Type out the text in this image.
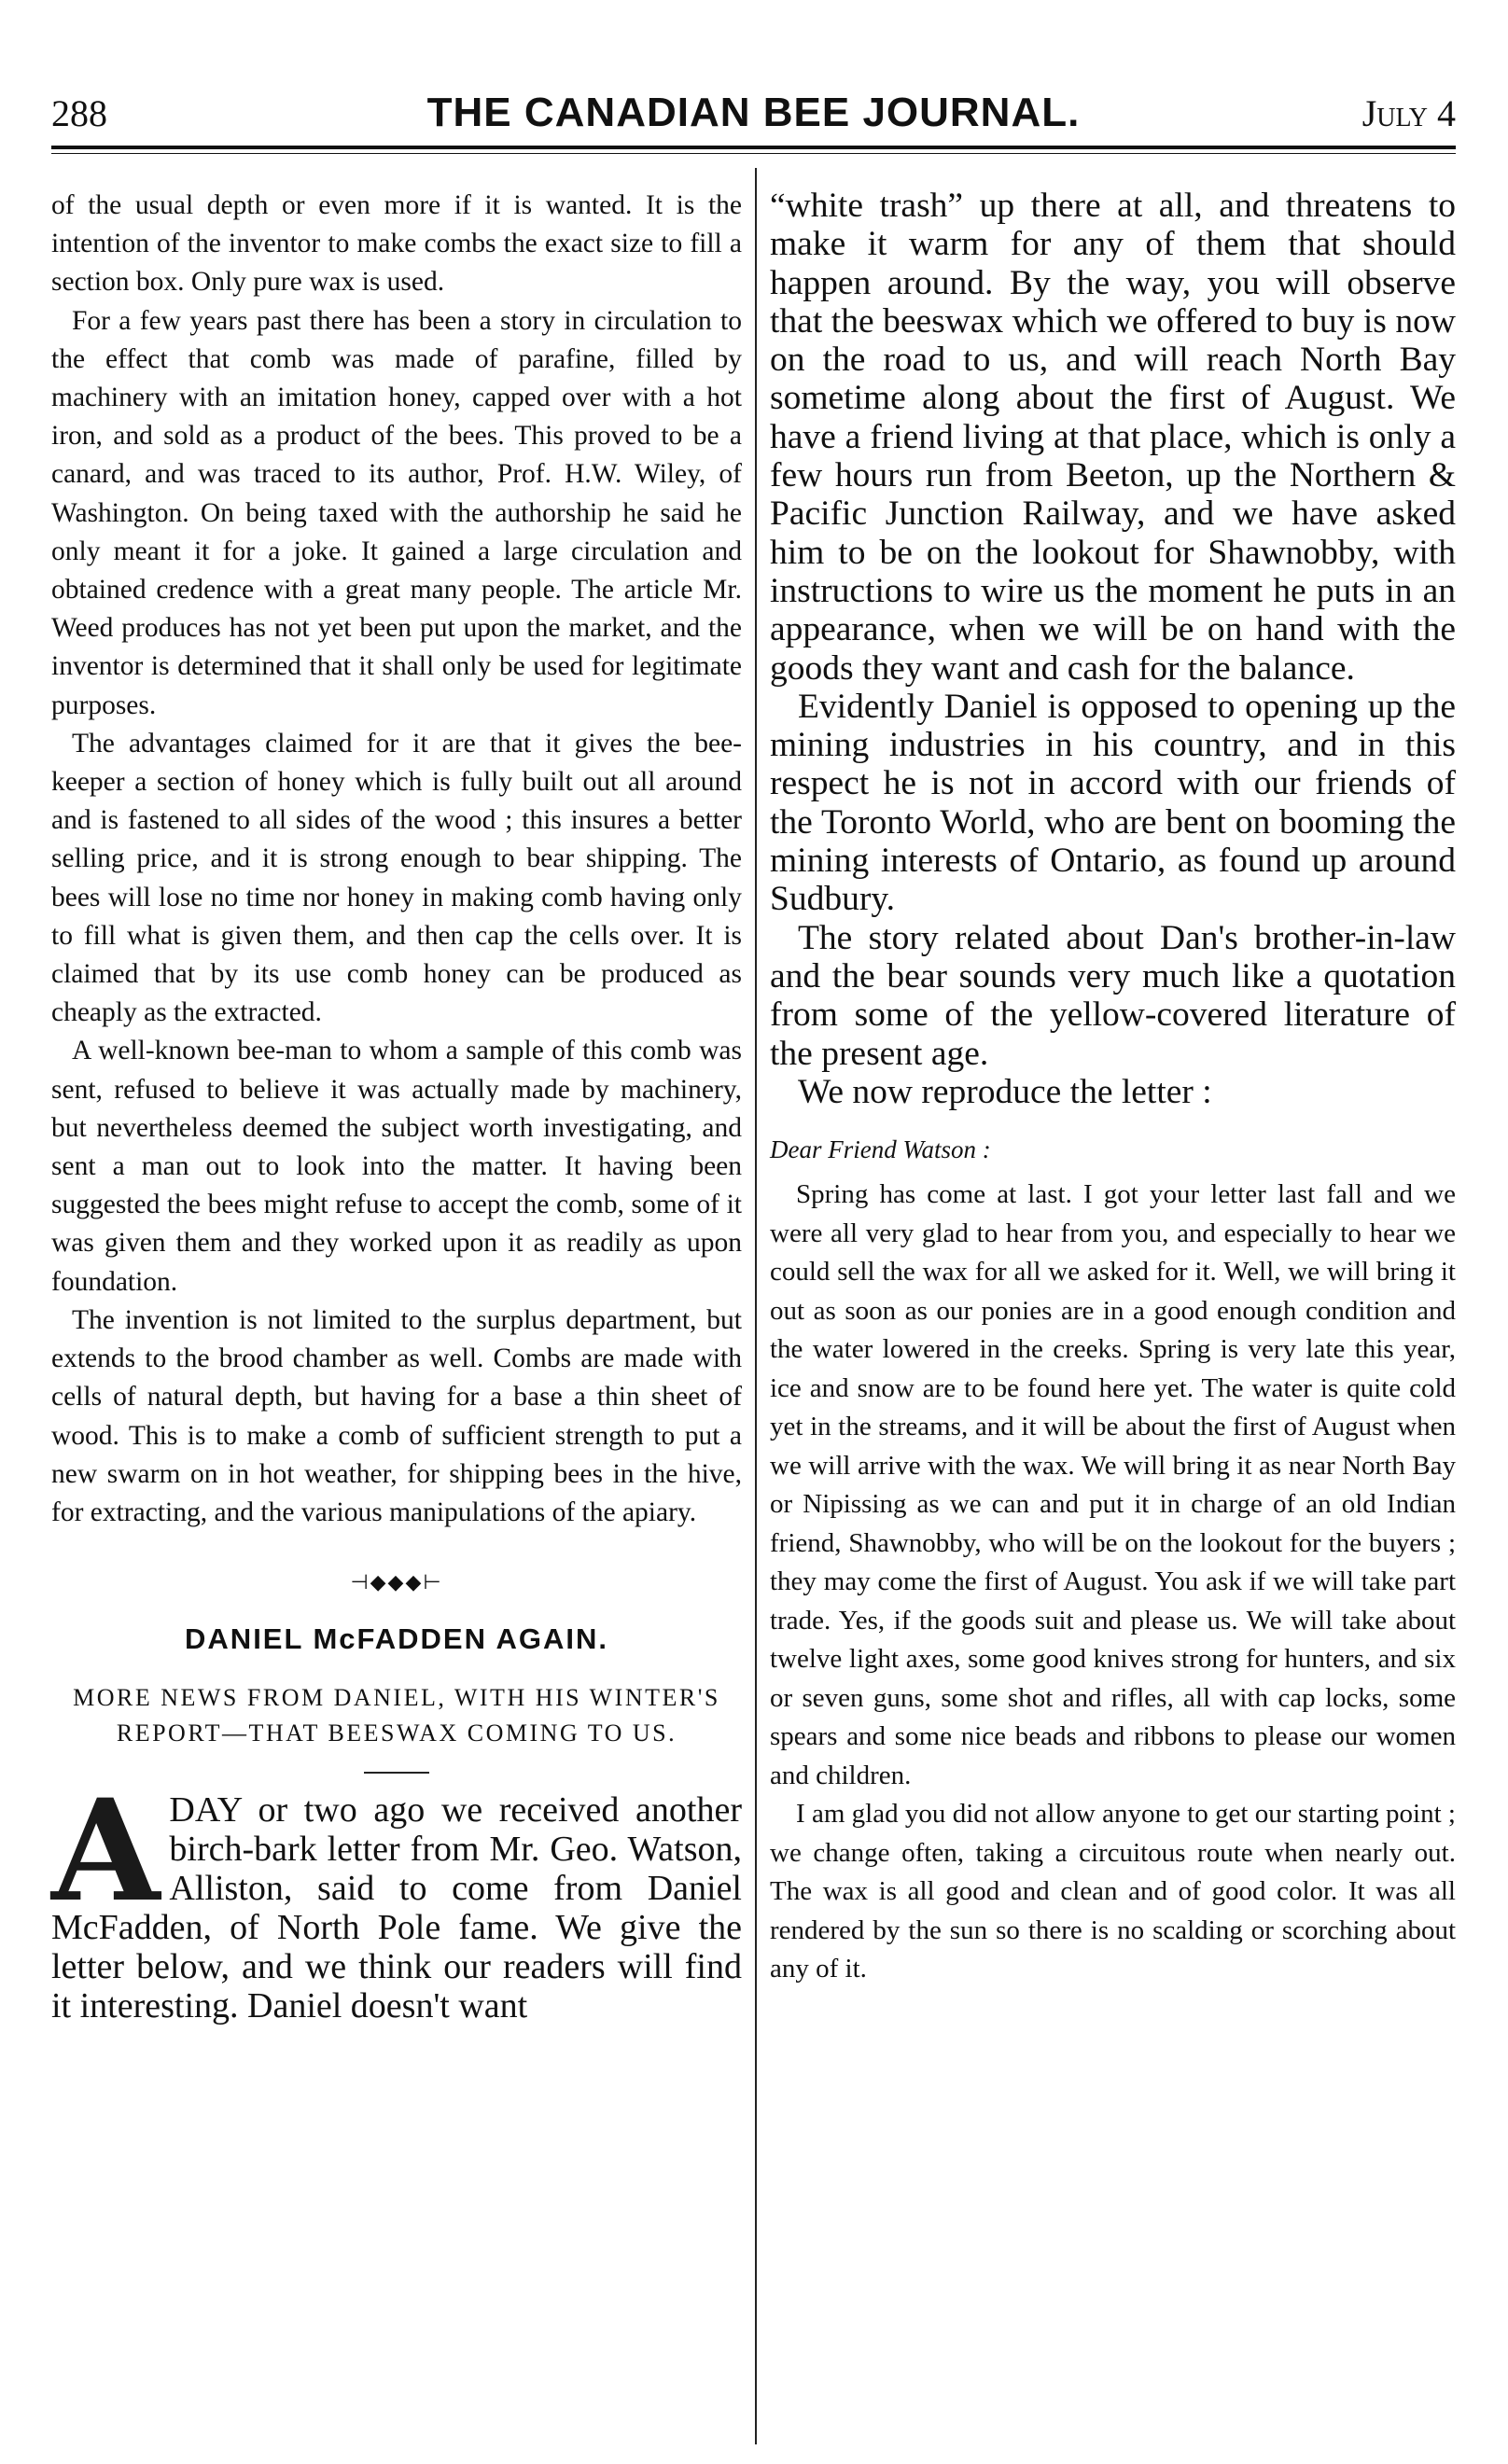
288	THE CANADIAN BEE JOURNAL.	July 4

of the usual depth or even more if it is wanted. It is the intention of the inventor to make combs the exact size to fill a section box. Only pure wax is used.

For a few years past there has been a story in circulation to the effect that comb was made of parafine, filled by machinery with an imitation honey, capped over with a hot iron, and sold as a product of the bees. This proved to be a canard, and was traced to its author, Prof. H.W. Wiley, of Washington. On being taxed with the authorship he said he only meant it for a joke. It gained a large circulation and obtained credence with a great many people. The article Mr. Weed produces has not yet been put upon the market, and the inventor is determined that it shall only be used for legitimate purposes.

The advantages claimed for it are that it gives the bee-keeper a section of honey which is fully built out all around and is fastened to all sides of the wood ; this insures a better selling price, and it is strong enough to bear shipping. The bees will lose no time nor honey in making comb having only to fill what is given them, and then cap the cells over. It is claimed that by its use comb honey can be produced as cheaply as the extracted.

A well-known bee-man to whom a sample of this comb was sent, refused to believe it was actually made by machinery, but nevertheless deemed the subject worth investigating, and sent a man out to look into the matter. It having been suggested the bees might refuse to accept the comb, some of it was given them and they worked upon it as readily as upon foundation.

The invention is not limited to the surplus department, but extends to the brood chamber as well. Combs are made with cells of natural depth, but having for a base a thin sheet of wood. This is to make a comb of sufficient strength to put a new swarm on in hot weather, for shipping bees in the hive, for extracting, and the various manipulations of the apiary.

⊣◆◆◆⊢
DANIEL McFADDEN AGAIN.

MORE NEWS FROM DANIEL, WITH HIS WINTER'S REPORT—THAT BEESWAX COMING TO US.

ADAY or two ago we received another birch-bark letter from Mr. Geo. Watson, Alliston, said to come from Daniel McFadden, of North Pole fame. We give the letter below, and we think our readers will find it interesting. Daniel doesn't want

“white trash” up there at all, and threatens to make it warm for any of them that should happen around. By the way, you will observe that the beeswax which we offered to buy is now on the road to us, and will reach North Bay sometime along about the first of August. We have a friend living at that place, which is only a few hours run from Beeton, up the Northern & Pacific Junction Railway, and we have asked him to be on the lookout for Shawnobby, with instructions to wire us the moment he puts in an appearance, when we will be on hand with the goods they want and cash for the balance.

Evidently Daniel is opposed to opening up the mining industries in his country, and in this respect he is not in accord with our friends of the Toronto World, who are bent on booming the mining interests of Ontario, as found up around Sudbury.

The story related about Dan's brother-in-law and the bear sounds very much like a quotation from some of the yellow-covered literature of the present age.

We now reproduce the letter :

Dear Friend Watson :

Spring has come at last. I got your letter last fall and we were all very glad to hear from you, and especially to hear we could sell the wax for all we asked for it. Well, we will bring it out as soon as our ponies are in a good enough condition and the water lowered in the creeks. Spring is very late this year, ice and snow are to be found here yet. The water is quite cold yet in the streams, and it will be about the first of August when we will arrive with the wax. We will bring it as near North Bay or Nipissing as we can and put it in charge of an old Indian friend, Shawnobby, who will be on the lookout for the buyers ; they may come the first of August. You ask if we will take part trade. Yes, if the goods suit and please us. We will take about twelve light axes, some good knives strong for hunters, and six or seven guns, some shot and rifles, all with cap locks, some spears and some nice beads and ribbons to please our women and children.

I am glad you did not allow anyone to get our starting point ; we change often, taking a circuitous route when nearly out. The wax is all good and clean and of good color. It was all rendered by the sun so there is no scalding or scorching about any of it.
